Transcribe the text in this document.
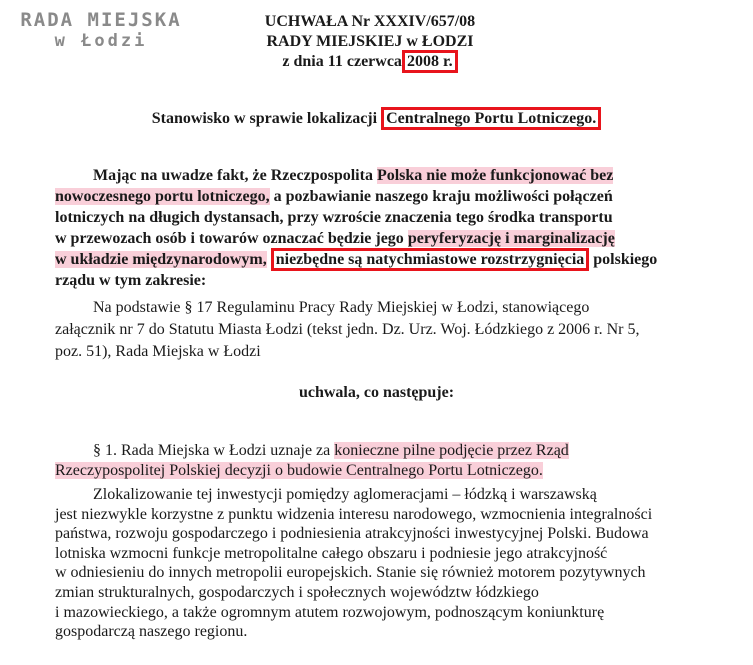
RADA MIEJSKA
w Łodzi
UCHWAŁA Nr XXXIV/657/08
RADY MIEJSKIEJ w ŁODZI
z dnia 11 czerwca 2008 r.
Stanowisko w sprawie lokalizacji Centralnego Portu Lotniczego.
Mając na uwadze fakt, że Rzeczpospolita Polska nie może funkcjonować bez
nowoczesnego portu lotniczego, a pozbawianie naszego kraju możliwości połączeń
lotniczych na długich dystansach, przy wzroście znaczenia tego środka transportu
w przewozach osób i towarów oznaczać będzie jego peryferyzację i marginalizację
w układzie międzynarodowym, niezbędne są natychmiastowe rozstrzygnięcia polskiego
rządu w tym zakresie:
Na podstawie § 17 Regulaminu Pracy Rady Miejskiej w Łodzi, stanowiącego
załącznik nr 7 do Statutu Miasta Łodzi (tekst jedn. Dz. Urz. Woj. Łódzkiego z 2006 r. Nr 5,
poz. 51), Rada Miejska w Łodzi
uchwala, co następuje:
§ 1. Rada Miejska w Łodzi uznaje za konieczne pilne podjęcie przez Rząd
Rzeczypospolitej Polskiej decyzji o budowie Centralnego Portu Lotniczego.
Zlokalizowanie tej inwestycji pomiędzy aglomeracjami – łódzką i warszawską
jest niezwykle korzystne z punktu widzenia interesu narodowego, wzmocnienia integralności
państwa, rozwoju gospodarczego i podniesienia atrakcyjności inwestycyjnej Polski. Budowa
lotniska wzmocni funkcje metropolitalne całego obszaru i podniesie jego atrakcyjność
w odniesieniu do innych metropolii europejskich. Stanie się również motorem pozytywnych
zmian strukturalnych, gospodarczych i społecznych województw łódzkiego
i mazowieckiego, a także ogromnym atutem rozwojowym, podnoszącym koniunkturę
gospodarczą naszego regionu.
